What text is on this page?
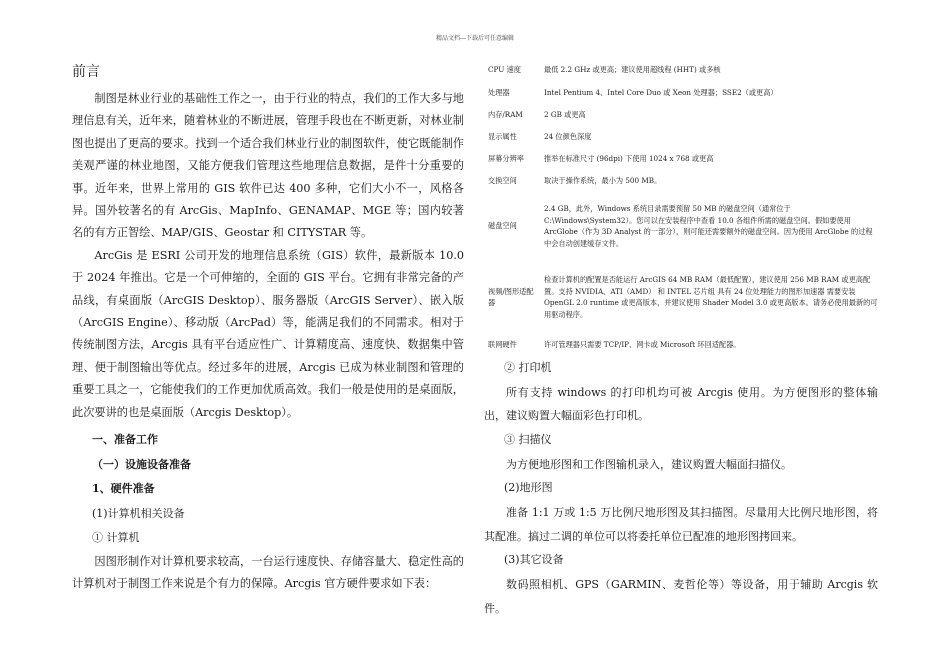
精品文档---下载后可任意编辑
前言

制图是林业行业的基础性工作之一，由于行业的特点，我们的工作大多与地理信息有关，近年来，随着林业的不断进展，管理手段也在不断更新，对林业制图也提出了更高的要求。找到一个适合我们林业行业的制图软件，使它既能制作美观严谨的林业地图，又能方便我们管理这些地理信息数据，是件十分重要的事。近年来，世界上常用的 GIS 软件已达 400 多种，它们大小不一，风格各异。国外较著名的有 ArcGis、MapInfo、GENAMAP、MGE 等；国内较著名的有方正智绘、MAP/GIS、Geostar 和 CITYSTAR 等。

ArcGis 是 ESRI 公司开发的地理信息系统（GIS）软件，最新版本 10.0 于 2024 年推出。它是一个可伸缩的，全面的 GIS 平台。它拥有非常完备的产品线，有桌面版（ArcGIS Desktop）、服务器版（ArcGIS Server）、嵌入版（ArcGIS Engine）、移动版（ArcPad）等，能满足我们的不同需求。相对于传统制图方法，Arcgis 具有平台适应性广、计算精度高、速度快、数据集中管理、便于制图输出等优点。经过多年的进展，Arcgis 已成为林业制图和管理的重要工具之一，它能使我们的工作更加优质高效。我们一般是使用的是桌面版，此次要讲的也是桌面版（Arcgis Desktop）。

一、准备工作
（一）设施设备准备
1、硬件准备
(1)计算机相关设备
① 计算机

因图形制作对计算机要求较高，一台运行速度快、存储容量大、稳定性高的计算机对于制图工作来说是个有力的保障。Arcgis 官方硬件要求如下表：

CPU 速度	最低 2.2 GHz 或更高；建议使用超线程 (HHT) 或多核
处理器	Intel Pentium 4、Intel Core Duo 或 Xeon 处理器；SSE2（或更高）
内存/RAM	2 GB 或更高
显示属性	24 位颜色深度
屏幕分辨率	推举在标准尺寸 (96dpi) 下使用 1024 x 768 或更高
交换空间	取决于操作系统，最小为 500 MB。
磁盘空间	2.4 GB，此外，Windows 系统目录需要预留 50 MB 的磁盘空间（通常位于 C:\Windows\System32）。您可以在安装程序中查看 10.0 各组件所需的磁盘空间。假如要使用 ArcGlobe（作为 3D Analyst 的一部分），则可能还需要额外的磁盘空间。因为使用 ArcGlobe 的过程中会自动创建缓存文件。
视频/图形适配器	检查计算机的配置是否能运行 ArcGIS 64 MB RAM（最低配置），建议使用 256 MB RAM 或更高配置。支持 NVIDIA、ATI（AMD） 和 INTEL 芯片组 具有 24 位处理能力的图形加速器 需要安装 OpenGL 2.0 runtime 或更高版本，并建议使用 Shader Model 3.0 或更高版本。请务必使用最新的可用驱动程序。
联网硬件	许可管理器只需要 TCP/IP、网卡或 Microsoft 环回适配器。
② 打印机

所有支持 windows 的打印机均可被 Arcgis 使用。为方便图形的整体输出，建议购置大幅面彩色打印机。

③ 扫描仪

为方便地形图和工作图输机录入，建议购置大幅面扫描仪。

(2)地形图

准备 1:1 万或 1:5 万比例尺地形图及其扫描图。尽量用大比例尺地形图，将其配准。搞过二调的单位可以将委托单位已配准的地形图拷回来。

(3)其它设备

数码照相机、GPS（GARMIN、麦哲伦等）等设备，用于辅助 Arcgis 软件。
